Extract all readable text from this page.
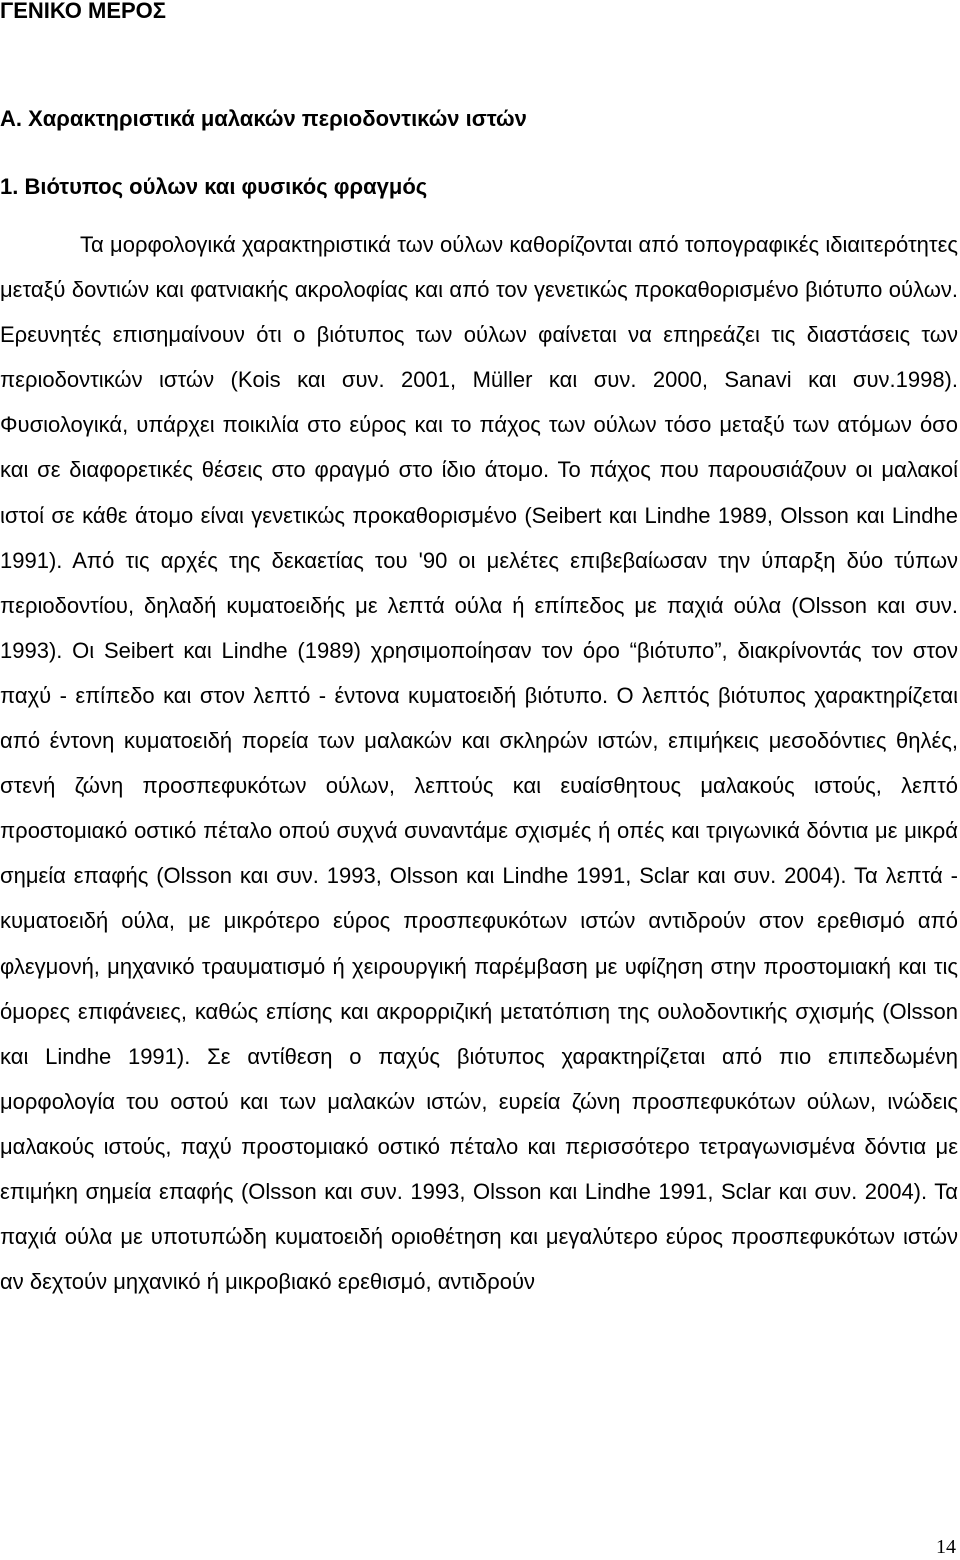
ΓΕΝΙΚΟ ΜΕΡΟΣ
Α. Χαρακτηριστικά μαλακών περιοδοντικών ιστών
1. Βιότυπος ούλων και φυσικός φραγμός

Τα μορφολογικά χαρακτηριστικά των ούλων καθορίζονται από τοπογραφικές ιδιαιτερότητες μεταξύ δοντιών και φατνιακής ακρολοφίας και από τον γενετικώς προκαθορισμένο βιότυπο ούλων. Ερευνητές επισημαίνουν ότι ο βιότυπος των ούλων φαίνεται να επηρεάζει τις διαστάσεις των περιοδοντικών ιστών (Kois και συν. 2001, Müller και συν. 2000, Sanavi και συν.1998). Φυσιολογικά, υπάρχει ποικιλία στο εύρος και το πάχος των ούλων τόσο μεταξύ των ατόμων όσο και σε διαφορετικές θέσεις στο φραγμό στο ίδιο άτομο. Το πάχος που παρουσιάζουν οι μαλακοί ιστοί σε κάθε άτομο είναι γενετικώς προκαθορισμένο (Seibert και Lindhe 1989, Olsson και Lindhe 1991). Από τις αρχές της δεκαετίας του '90 οι μελέτες επιβεβαίωσαν την ύπαρξη δύο τύπων περιοδοντίου, δηλαδή κυματοειδής με λεπτά ούλα ή επίπεδος με παχιά ούλα (Olsson και συν. 1993). Οι Seibert και Lindhe (1989) χρησιμοποίησαν τον όρο “βιότυπο”, διακρίνοντάς τον στον παχύ - επίπεδο και στον λεπτό - έντονα κυματοειδή βιότυπο. Ο λεπτός βιότυπος χαρακτηρίζεται από έντονη κυματοειδή πορεία των μαλακών και σκληρών ιστών, επιμήκεις μεσοδόντιες θηλές, στενή ζώνη προσπεφυκότων ούλων, λεπτούς και ευαίσθητους μαλακούς ιστούς, λεπτό προστομιακό οστικό πέταλο οπού συχνά συναντάμε σχισμές ή οπές και τριγωνικά δόντια με μικρά σημεία επαφής (Olsson και συν. 1993, Olsson και Lindhe 1991, Sclar και συν. 2004). Τα λεπτά - κυματοειδή ούλα, με μικρότερο εύρος προσπεφυκότων ιστών αντιδρούν στον ερεθισμό από φλεγμονή, μηχανικό τραυματισμό ή χειρουργική παρέμβαση με υφίζηση στην προστομιακή και τις όμορες επιφάνειες, καθώς επίσης και ακρορριζική μετατόπιση της ουλοδοντικής σχισμής (Olsson και Lindhe 1991). Σε αντίθεση ο παχύς βιότυπος χαρακτηρίζεται από πιο επιπεδωμένη μορφολογία του οστού και των μαλακών ιστών, ευρεία ζώνη προσπεφυκότων ούλων, ινώδεις μαλακούς ιστούς, παχύ προστομιακό οστικό πέταλο και περισσότερο τετραγωνισμένα δόντια με επιμήκη σημεία επαφής (Olsson και συν. 1993, Olsson και Lindhe 1991, Sclar και συν. 2004). Τα παχιά ούλα με υποτυπώδη κυματοειδή οριοθέτηση και μεγαλύτερο εύρος προσπεφυκότων ιστών αν δεχτούν μηχανικό ή μικροβιακό ερεθισμό, αντιδρούν

14
